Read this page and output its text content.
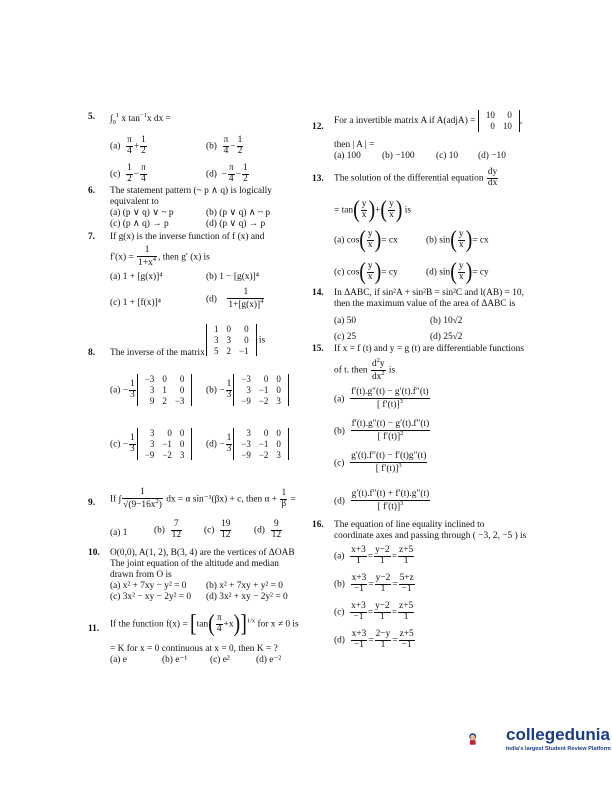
5. $\int_0^1$ x $\tan^{-1}x$ dx =
$(a) \frac{\pi}{4} + \frac{1}{2}$	$(b) \frac{\pi}{4} - \frac{1}{2}$
$(c) \frac{1}{2} - \frac{\pi}{4}$	$(d) - \frac{\pi}{4} - \frac{1}{2}$
6. The statement pattern (~ p ∧ q) is logically
equivalent to
(a) (p ∨ q) ∨ ~ p	(b) (p ∨ q) ∧ ~ p
(c) (p ∧ q) → p	(d) (p ∨ q) → p
7. If g(x) is the inverse function of f (x) and
$f'(x) = \frac{1}{1+x^4}$ , then g′ (x) is
(a) 1 + [g(x)]⁴	(b) 1 − [g(x)]⁴
(c) 1 + [f(x)]⁴	$(d) \frac{1}{1+[g(x)]^4}$
8. The inverse of the matrix
1	0	0
3	3	0
5	2	−1
is
$(a) - \frac{1}{3}$
−3	0	0
3	1	0
9	2	−3
$(b) - \frac{1}{3}$
−3	0	0
3	−1	0
−9	−2	3
$(c) - \frac{1}{3}$
3	0	0
3	−1	0
−9	−2	3
$(d) - \frac{1}{3}$
3	0	0
−3	−1	0
−9	−2	3
9. If ∫ $\frac{1}{√(9-16x^2)}$ dx = α sin⁻¹(βx) + c, then $\alpha + \frac{1}{\beta}$ =
(a) 1	$(b) \frac{7}{12} (c) \frac{19}{12} (d) \frac{9}{12}$
10. O(0,0), A(1, 2), B(3, 4) are the vertices of ΔOAB
The joint equation of the altitude and median
drawn from O is
(a) x² + 7xy − y² = 0 (b) x² + 7xy + y² = 0
(c) 3x² − xy − 2y² = 0 (d) 3x² + xy − 2y² = 0
11. If the function $f(x) = [\tan( \frac{\pi}{4} +x)]^{1/x}$ for x ≠ 0 is
= K for x = 0 continuous at x = 0, then K = ?
(a) e	(b) e⁻¹ (c) e²	(d) e⁻²
12.
For a invertible matrix A if A(adjA) =
10	0
0	10 ,
then | A | =
(a) 100 (b) −100 (c) 10 (d) −10
13. The solution of the differential equation $\frac{dy}{dx}$
= $\tan( \frac{y}{x}$ )+( $\frac{y}{x}$ ) is
(a) $\cos( \frac{y}{x}$ )= cx	(b) $\sin( \frac{y}{x}$ )= cx
(c) $\cos( \frac{y}{x}$ )= cy	(d) $\sin( \frac{y}{x}$ )= cy
14. In ΔABC, if sin²A + sin²B = sin²C and l(AB) = 10,
then the maximum value of the area of ΔABC is
(a) 50	(b) 10√2
(c) 25	(d) 25√2
15. If x = f (t) and y = g (t) are differentiable functions
of t. then $\frac{d^2y}{dx^2}$ is
$(a) \frac{f'(t).g''(t) - g'(t).f''(t)}{[ f'(t)]^3}$
$(b) \frac{f'(t).g''(t) - g'(t).f''(t)}{[ f'(t)]^2}$
$(c) \frac{g'(t).f''(t) - f'(t)g''(t)}{[ f'(t)]^3}$
$(d) \frac{g'(t).f''(t) + f'(t).g''(t)}{[ f'(t)]^3}$
16. The equation of line equality inclined to
coordinate axes and passing through ( −3, 2, −5 ) is
$(a) \frac{x+3}{1} = \frac{y-2}{1} = \frac{z+5}{1}$
$(b) \frac{x+3}{-1} = \frac{y-2}{1} = \frac{5+z}{-1}$
$(c) \frac{x+3}{-1} = \frac{y-2}{1} = \frac{z+5}{1}$
$(d) \frac{x+3}{-1} = \frac{2-y}{1} = \frac{z+5}{-1}$
collegedunia
India's largest Student Review Platform
